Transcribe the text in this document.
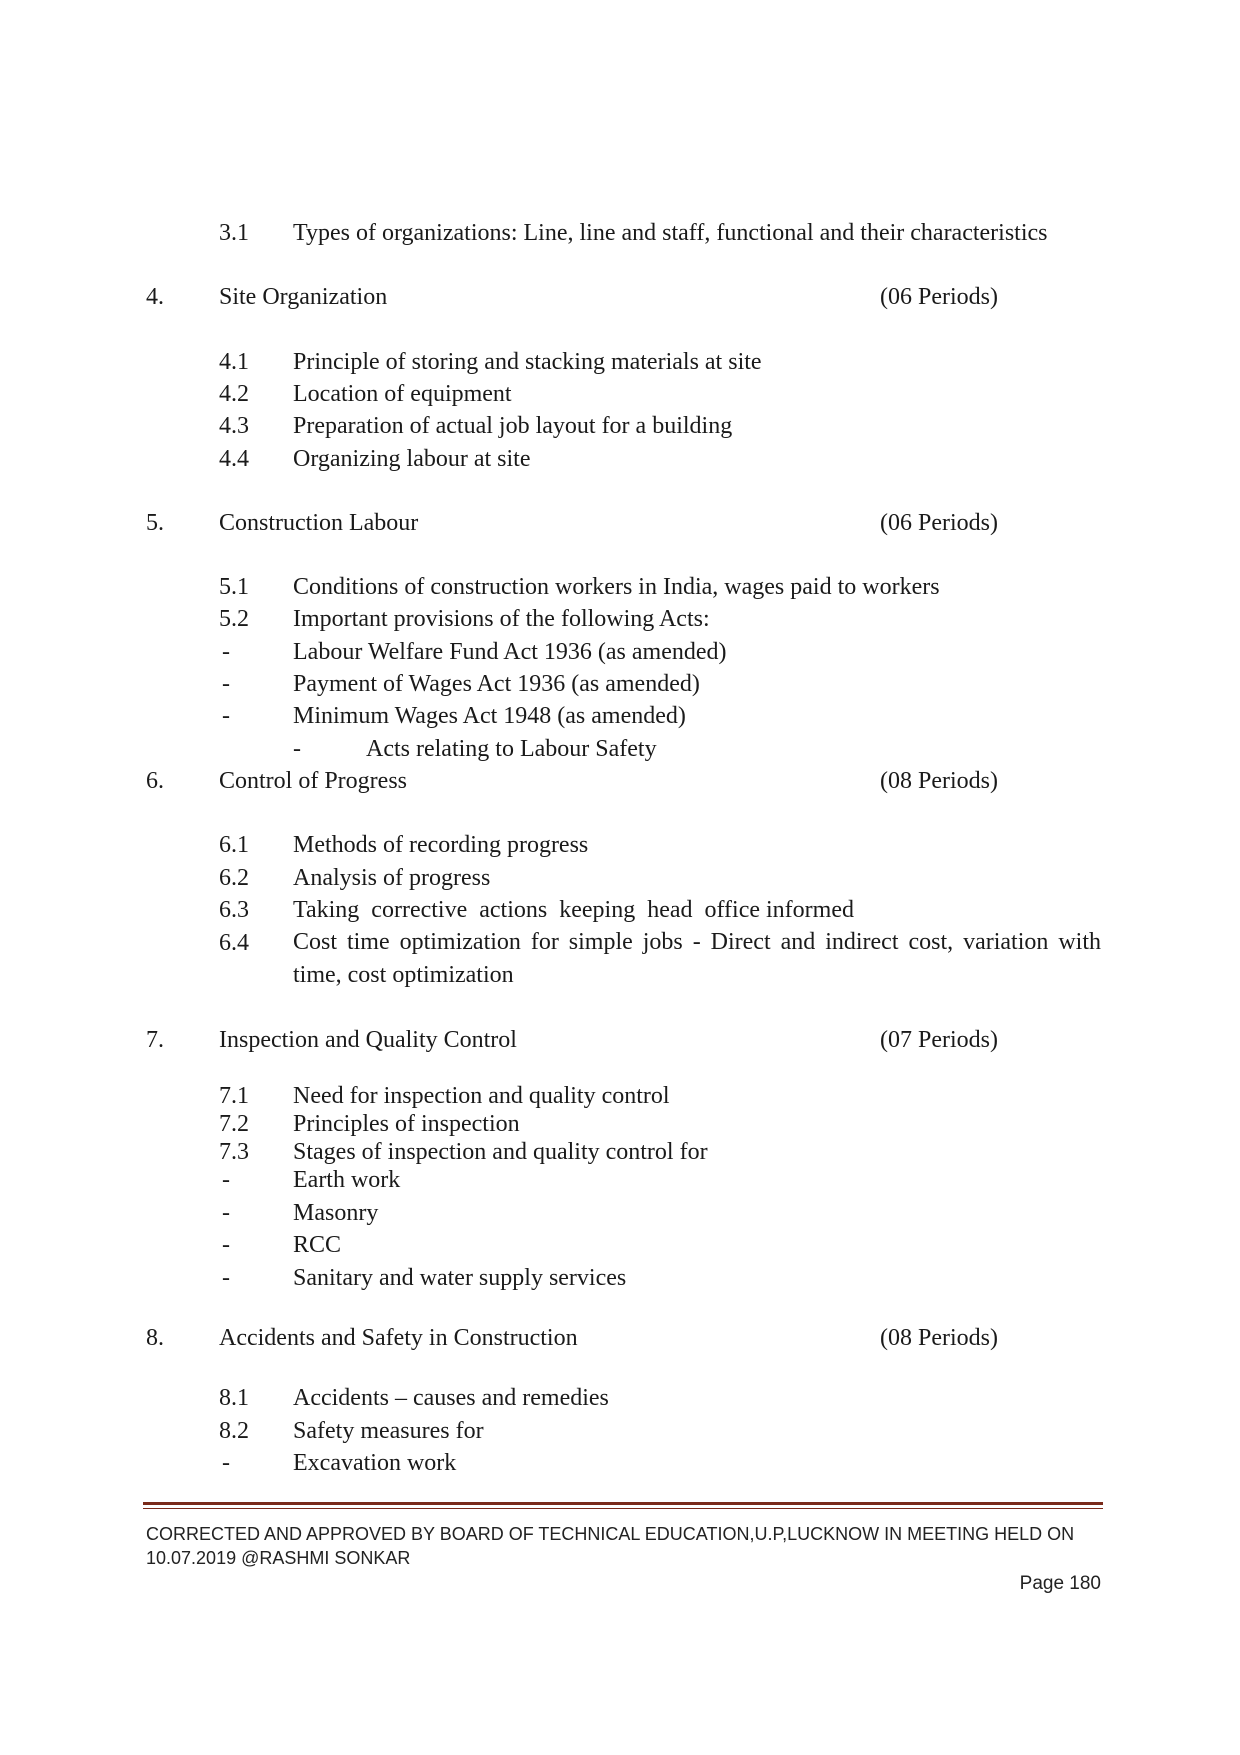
3.1 Types of organizations: Line, line and staff, functional and their characteristics
4. Site Organization	(06 Periods)
4.1 Principle of storing and stacking materials at site
4.2 Location of equipment
4.3 Preparation of actual job layout for a building
4.4 Organizing labour at site
5. Construction Labour	(06 Periods)
5.1 Conditions of construction workers in India, wages paid to workers
5.2 Important provisions of the following Acts:
-	Labour Welfare Fund Act 1936 (as amended)
-	Payment of Wages Act 1936 (as amended)
-	Minimum Wages Act 1948 (as amended)
-	Acts relating to Labour Safety
6. Control of Progress	(08 Periods)
6.1 Methods of recording progress
6.2 Analysis of progress
6.3 Taking  corrective  actions  keeping  head  office informed
6.4 Cost time optimization for simple jobs - Direct and indirect cost, variation with time, cost optimization
7. Inspection and Quality Control	(07 Periods)
7.1 Need for inspection and quality control
7.2 Principles of inspection
7.3 Stages of inspection and quality control for
-	Earth work
-	Masonry
-	RCC
-	Sanitary and water supply services
8. Accidents and Safety in Construction	(08 Periods)
8.1 Accidents – causes and remedies
8.2 Safety measures for
-	Excavation work
CORRECTED AND APPROVED BY BOARD OF TECHNICAL EDUCATION,U.P,LUCKNOW IN MEETING HELD ON
10.07.2019 @RASHMI SONKAR
Page 180
